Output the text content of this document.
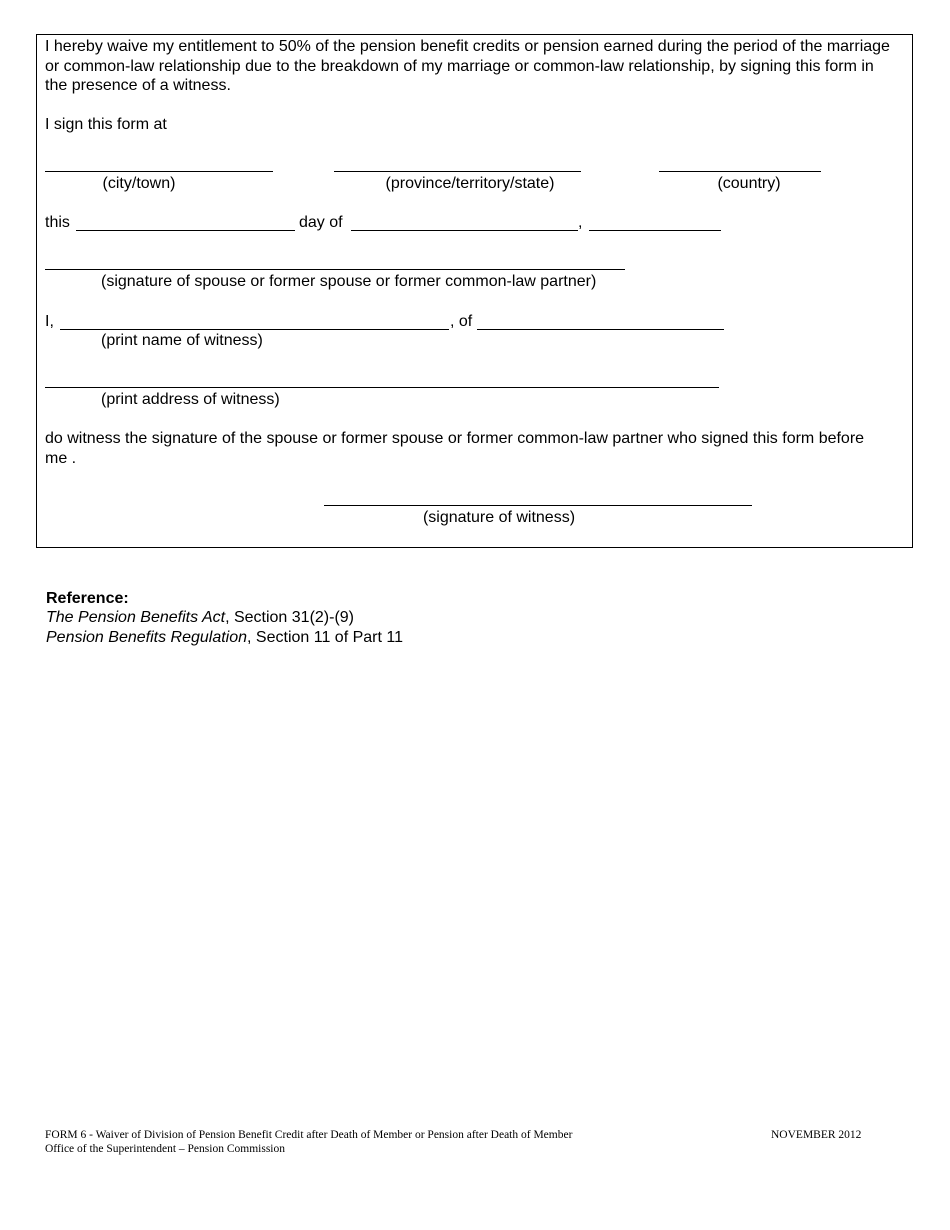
I hereby waive my entitlement to 50% of the pension benefit credits or pension earned during the period of the marriage or common-law relationship due to the breakdown of my marriage or common-law relationship, by signing this form in the presence of a witness.
I sign this form at
(city/town)	(province/territory/state)	(country)
this	day of	,
(signature of spouse or former spouse or former common-law partner)
I,	, of
(print name of witness)
(print address of witness)
do witness the signature of the spouse or former spouse or former common-law partner who signed this form before me .
(signature of witness)
Reference:
The Pension Benefits Act, Section 31(2)-(9)
Pension Benefits Regulation, Section 11 of Part 11
FORM 6 - Waiver of Division of Pension Benefit Credit after Death of Member or Pension after Death of Member
Office of the Superintendent – Pension Commission
NOVEMBER 2012
